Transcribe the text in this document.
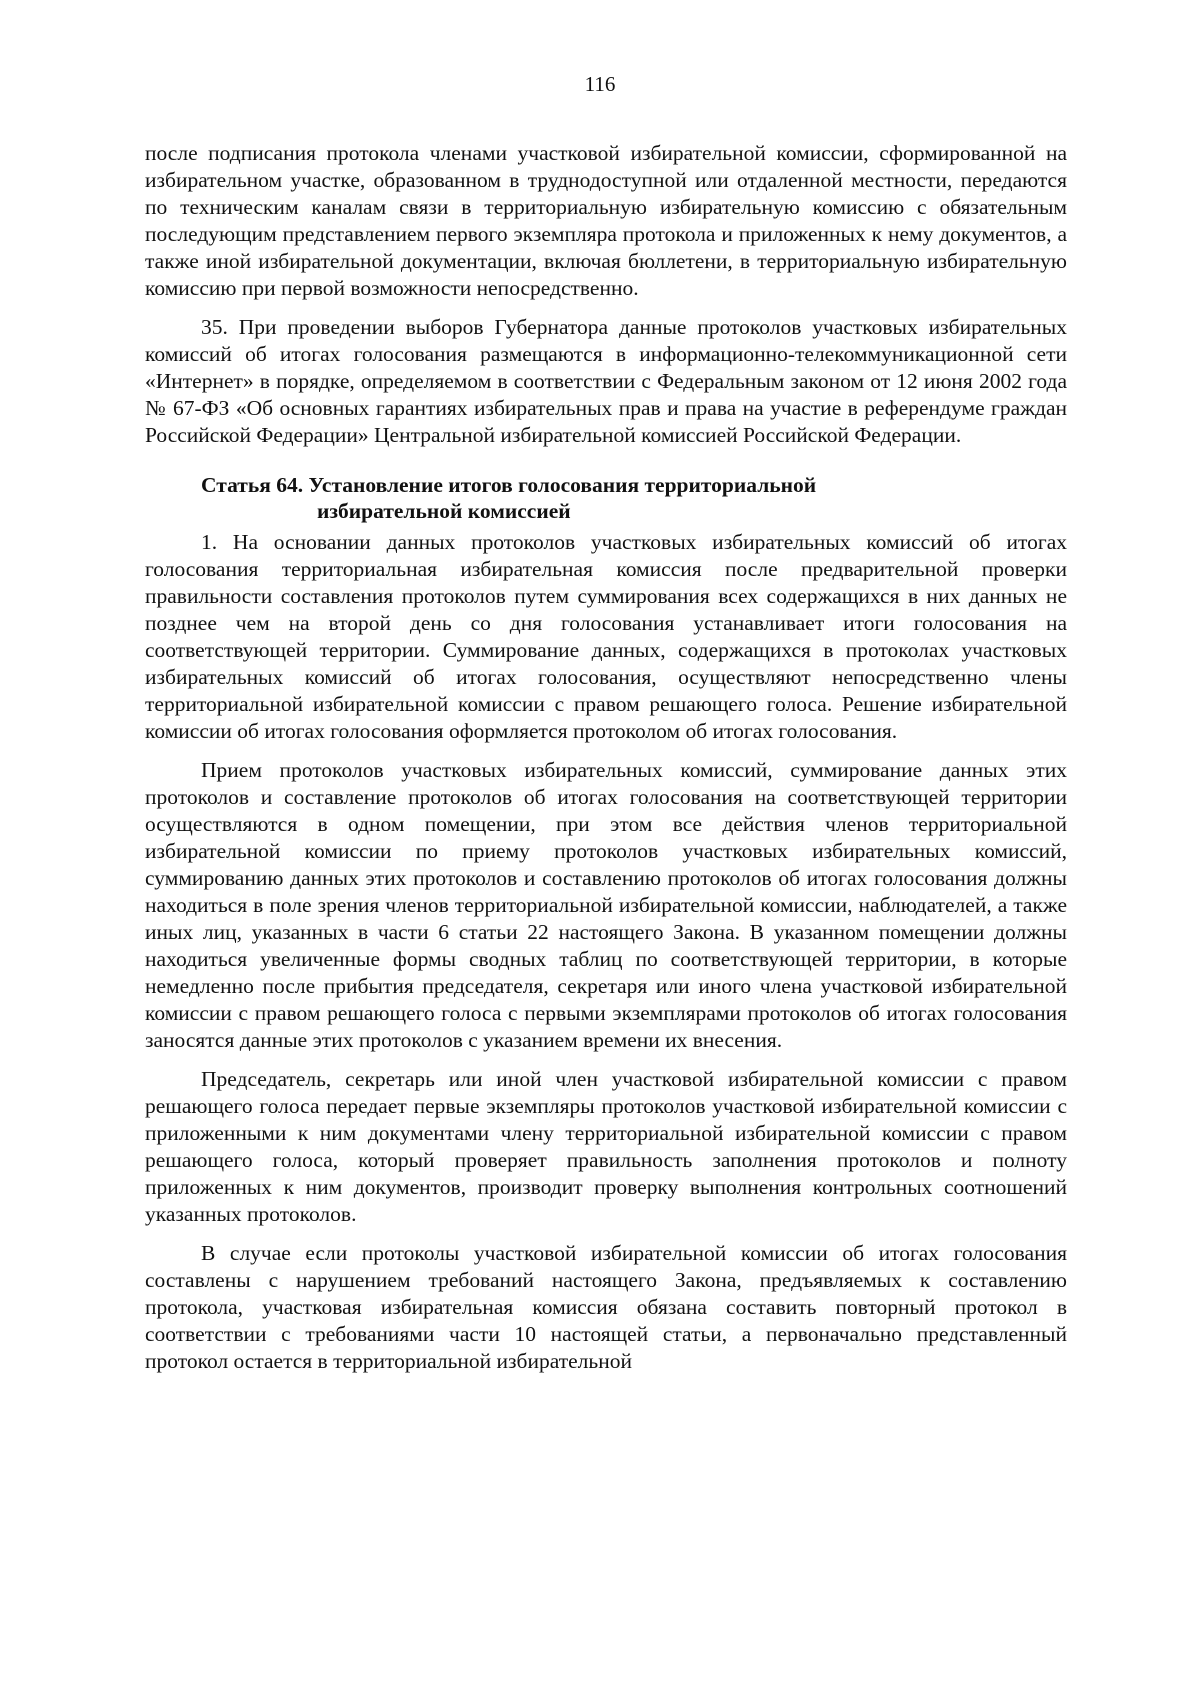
116

после подписания протокола членами участковой избирательной комиссии, сформированной на избирательном участке, образованном в труднодоступной или отдаленной местности, передаются по техническим каналам связи в территориальную избирательную комиссию с обязательным последующим представлением первого экземпляра протокола и приложенных к нему документов, а также иной избирательной документации, включая бюллетени, в территориальную избирательную комиссию при первой возможности непосредственно.

35. При проведении выборов Губернатора данные протоколов участковых избирательных комиссий об итогах голосования размещаются в информационно-телекоммуникационной сети «Интернет» в порядке, определяемом в соответствии с Федеральным законом от 12 июня 2002 года № 67-ФЗ «Об основных гарантиях избирательных прав и права на участие в референдуме граждан Российской Федерации» Центральной избирательной комиссией Российской Федерации.

Статья 64. Установление итогов голосования территориальной
избирательной комиссией

1. На основании данных протоколов участковых избирательных комиссий об итогах голосования территориальная избирательная комиссия после предварительной проверки правильности составления протоколов путем суммирования всех содержащихся в них данных не позднее чем на второй день со дня голосования устанавливает итоги голосования на соответствующей территории. Суммирование данных, содержащихся в протоколах участковых избирательных комиссий об итогах голосования, осуществляют непосредственно члены территориальной избирательной комиссии с правом решающего голоса. Решение избирательной комиссии об итогах голосования оформляется протоколом об итогах голосования.

Прием протоколов участковых избирательных комиссий, суммирование данных этих протоколов и составление протоколов об итогах голосования на соответствующей территории осуществляются в одном помещении, при этом все действия членов территориальной избирательной комиссии по приему протоколов участковых избирательных комиссий, суммированию данных этих протоколов и составлению протоколов об итогах голосования должны находиться в поле зрения членов территориальной избирательной комиссии, наблюдателей, а также иных лиц, указанных в части 6 статьи 22 настоящего Закона. В указанном помещении должны находиться увеличенные формы сводных таблиц по соответствующей территории, в которые немедленно после прибытия председателя, секретаря или иного члена участковой избирательной комиссии с правом решающего голоса с первыми экземплярами протоколов об итогах голосования заносятся данные этих протоколов с указанием времени их внесения.

Председатель, секретарь или иной член участковой избирательной комиссии с правом решающего голоса передает первые экземпляры протоколов участковой избирательной комиссии с приложенными к ним документами члену территориальной избирательной комиссии с правом решающего голоса, который проверяет правильность заполнения протоколов и полноту приложенных к ним документов, производит проверку выполнения контрольных соотношений указанных протоколов.

В случае если протоколы участковой избирательной комиссии об итогах голосования составлены с нарушением требований настоящего Закона, предъявляемых к составлению протокола, участковая избирательная комиссия обязана составить повторный протокол в соответствии с требованиями части 10 настоящей статьи, а первоначально представленный протокол остается в территориальной избирательной
